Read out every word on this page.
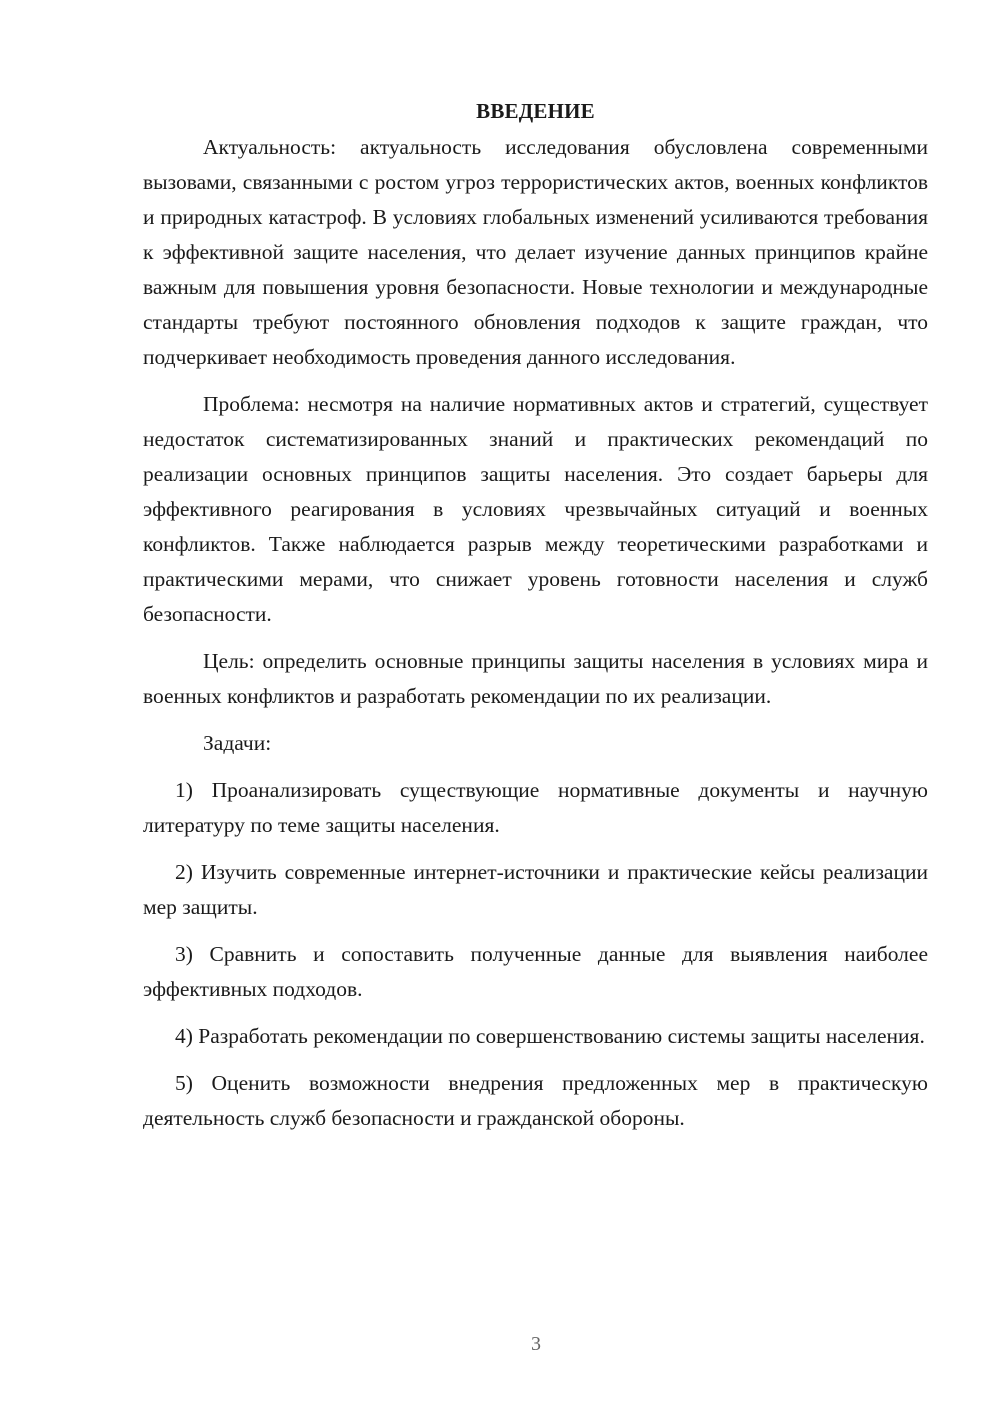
ВВЕДЕНИЕ

Актуальность: актуальность исследования обусловлена современными вызовами, связанными с ростом угроз террористических актов, военных конфликтов и природных катастроф. В условиях глобальных изменений усиливаются требования к эффективной защите населения, что делает изучение данных принципов крайне важным для повышения уровня безопасности. Новые технологии и международные стандарты требуют постоянного обновления подходов к защите граждан, что подчеркивает необходимость проведения данного исследования.

Проблема: несмотря на наличие нормативных актов и стратегий, существует недостаток систематизированных знаний и практических рекомендаций по реализации основных принципов защиты населения. Это создает барьеры для эффективного реагирования в условиях чрезвычайных ситуаций и военных конфликтов. Также наблюдается разрыв между теоретическими разработками и практическими мерами, что снижает уровень готовности населения и служб безопасности.

Цель: определить основные принципы защиты населения в условиях мира и военных конфликтов и разработать рекомендации по их реализации.

Задачи:

1) Проанализировать существующие нормативные документы и научную литературу по теме защиты населения.

2) Изучить современные интернет-источники и практические кейсы реализации мер защиты.

3) Сравнить и сопоставить полученные данные для выявления наиболее эффективных подходов.

4) Разработать рекомендации по совершенствованию системы защиты населения.

5) Оценить возможности внедрения предложенных мер в практическую деятельность служб безопасности и гражданской обороны.

3
